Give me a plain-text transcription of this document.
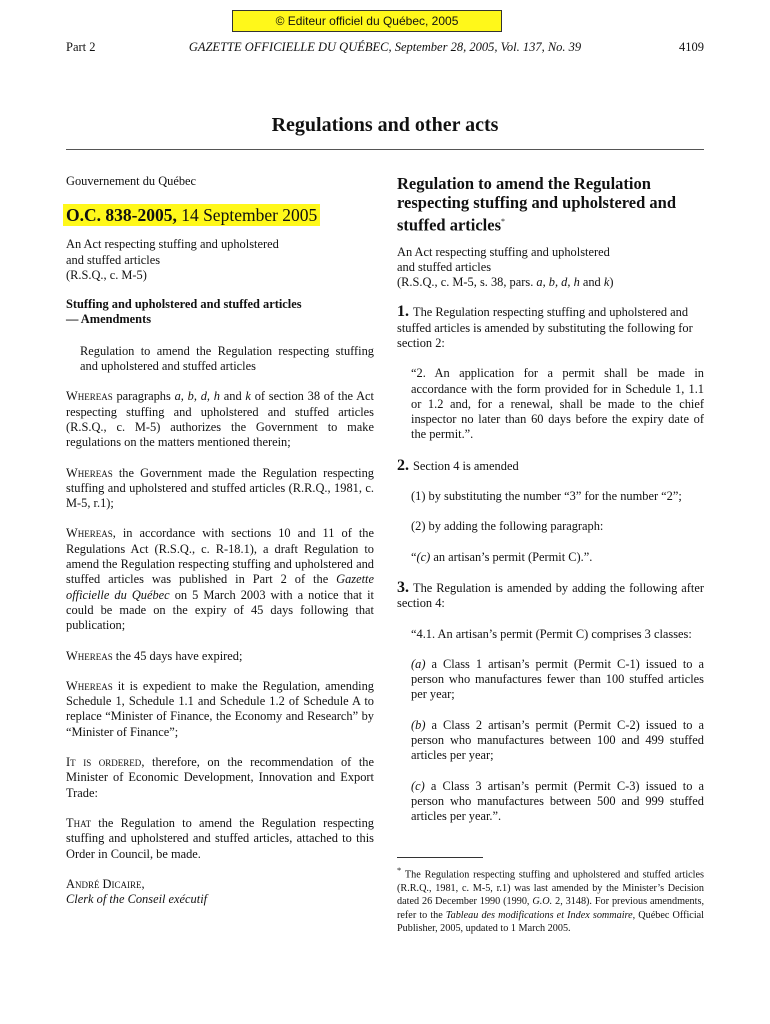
© Editeur officiel du Québec, 2005
Part 2	GAZETTE OFFICIELLE DU QUÉBEC, September 28, 2005, Vol. 137, No. 39	4109
Regulations and other acts

Gouvernement du Québec

O.C. 838-2005, 14 September 2005

An Act respecting stuffing and upholstered

and stuffed articles

(R.S.Q., c. M-5)

Stuffing and upholstered and stuffed articles

— Amendments

Regulation to amend the Regulation respecting stuffing and upholstered and stuffed articles

Whereas paragraphs a, b, d, h and k of section 38 of the Act respecting stuffing and upholstered and stuffed articles (R.S.Q., c. M-5) authorizes the Government to make regulations on the matters mentioned therein;

Whereas the Government made the Regulation respecting stuffing and upholstered and stuffed articles (R.R.Q., 1981, c. M-5, r.1);

Whereas, in accordance with sections 10 and 11 of the Regulations Act (R.S.Q., c. R-18.1), a draft Regulation to amend the Regulation respecting stuffing and upholstered and stuffed articles was published in Part 2 of the Gazette officielle du Québec on 5 March 2003 with a notice that it could be made on the expiry of 45 days following that publication;

Whereas the 45 days have expired;

Whereas it is expedient to make the Regulation, amending Schedule 1, Schedule 1.1 and Schedule 1.2 of Schedule A to replace “Minister of Finance, the Economy and Research” by “Minister of Finance”;

It is ordered, therefore, on the recommendation of the Minister of Economic Development, Innovation and Export Trade:

That the Regulation to amend the Regulation respecting stuffing and upholstered and stuffed articles, attached to this Order in Council, be made.

André Dicaire,

Clerk of the Conseil exécutif

Regulation to amend the Regulation respecting stuffing and upholstered and stuffed articles*

An Act respecting stuffing and upholstered

and stuffed articles

(R.S.Q., c. M-5, s. 38, pars. a, b, d, h and k)

1. The Regulation respecting stuffing and upholstered and stuffed articles is amended by substituting the following for section 2:

“2. An application for a permit shall be made in accordance with the form provided for in Schedule 1, 1.1 or 1.2 and, for a renewal, shall be made to the chief inspector no later than 60 days before the expiry date of the permit.”.

2. Section 4 is amended

(1) by substituting the number “3” for the number “2”;

(2) by adding the following paragraph:

“(c) an artisan’s permit (Permit C).”.

3. The Regulation is amended by adding the following after section 4:

“4.1. An artisan’s permit (Permit C) comprises 3 classes:

(a) a Class 1 artisan’s permit (Permit C-1) issued to a person who manufactures fewer than 100 stuffed articles per year;

(b) a Class 2 artisan’s permit (Permit C-2) issued to a person who manufactures between 100 and 499 stuffed articles per year;

(c) a Class 3 artisan’s permit (Permit C-3) issued to a person who manufactures between 500 and 999 stuffed articles per year.”.

* The Regulation respecting stuffing and upholstered and stuffed articles (R.R.Q., 1981, c. M-5, r.1) was last amended by the Minister’s Decision dated 26 December 1990 (1990, G.O. 2, 3148). For previous amendments, refer to the Tableau des modifications et Index sommaire, Québec Official Publisher, 2005, updated to 1 March 2005.
